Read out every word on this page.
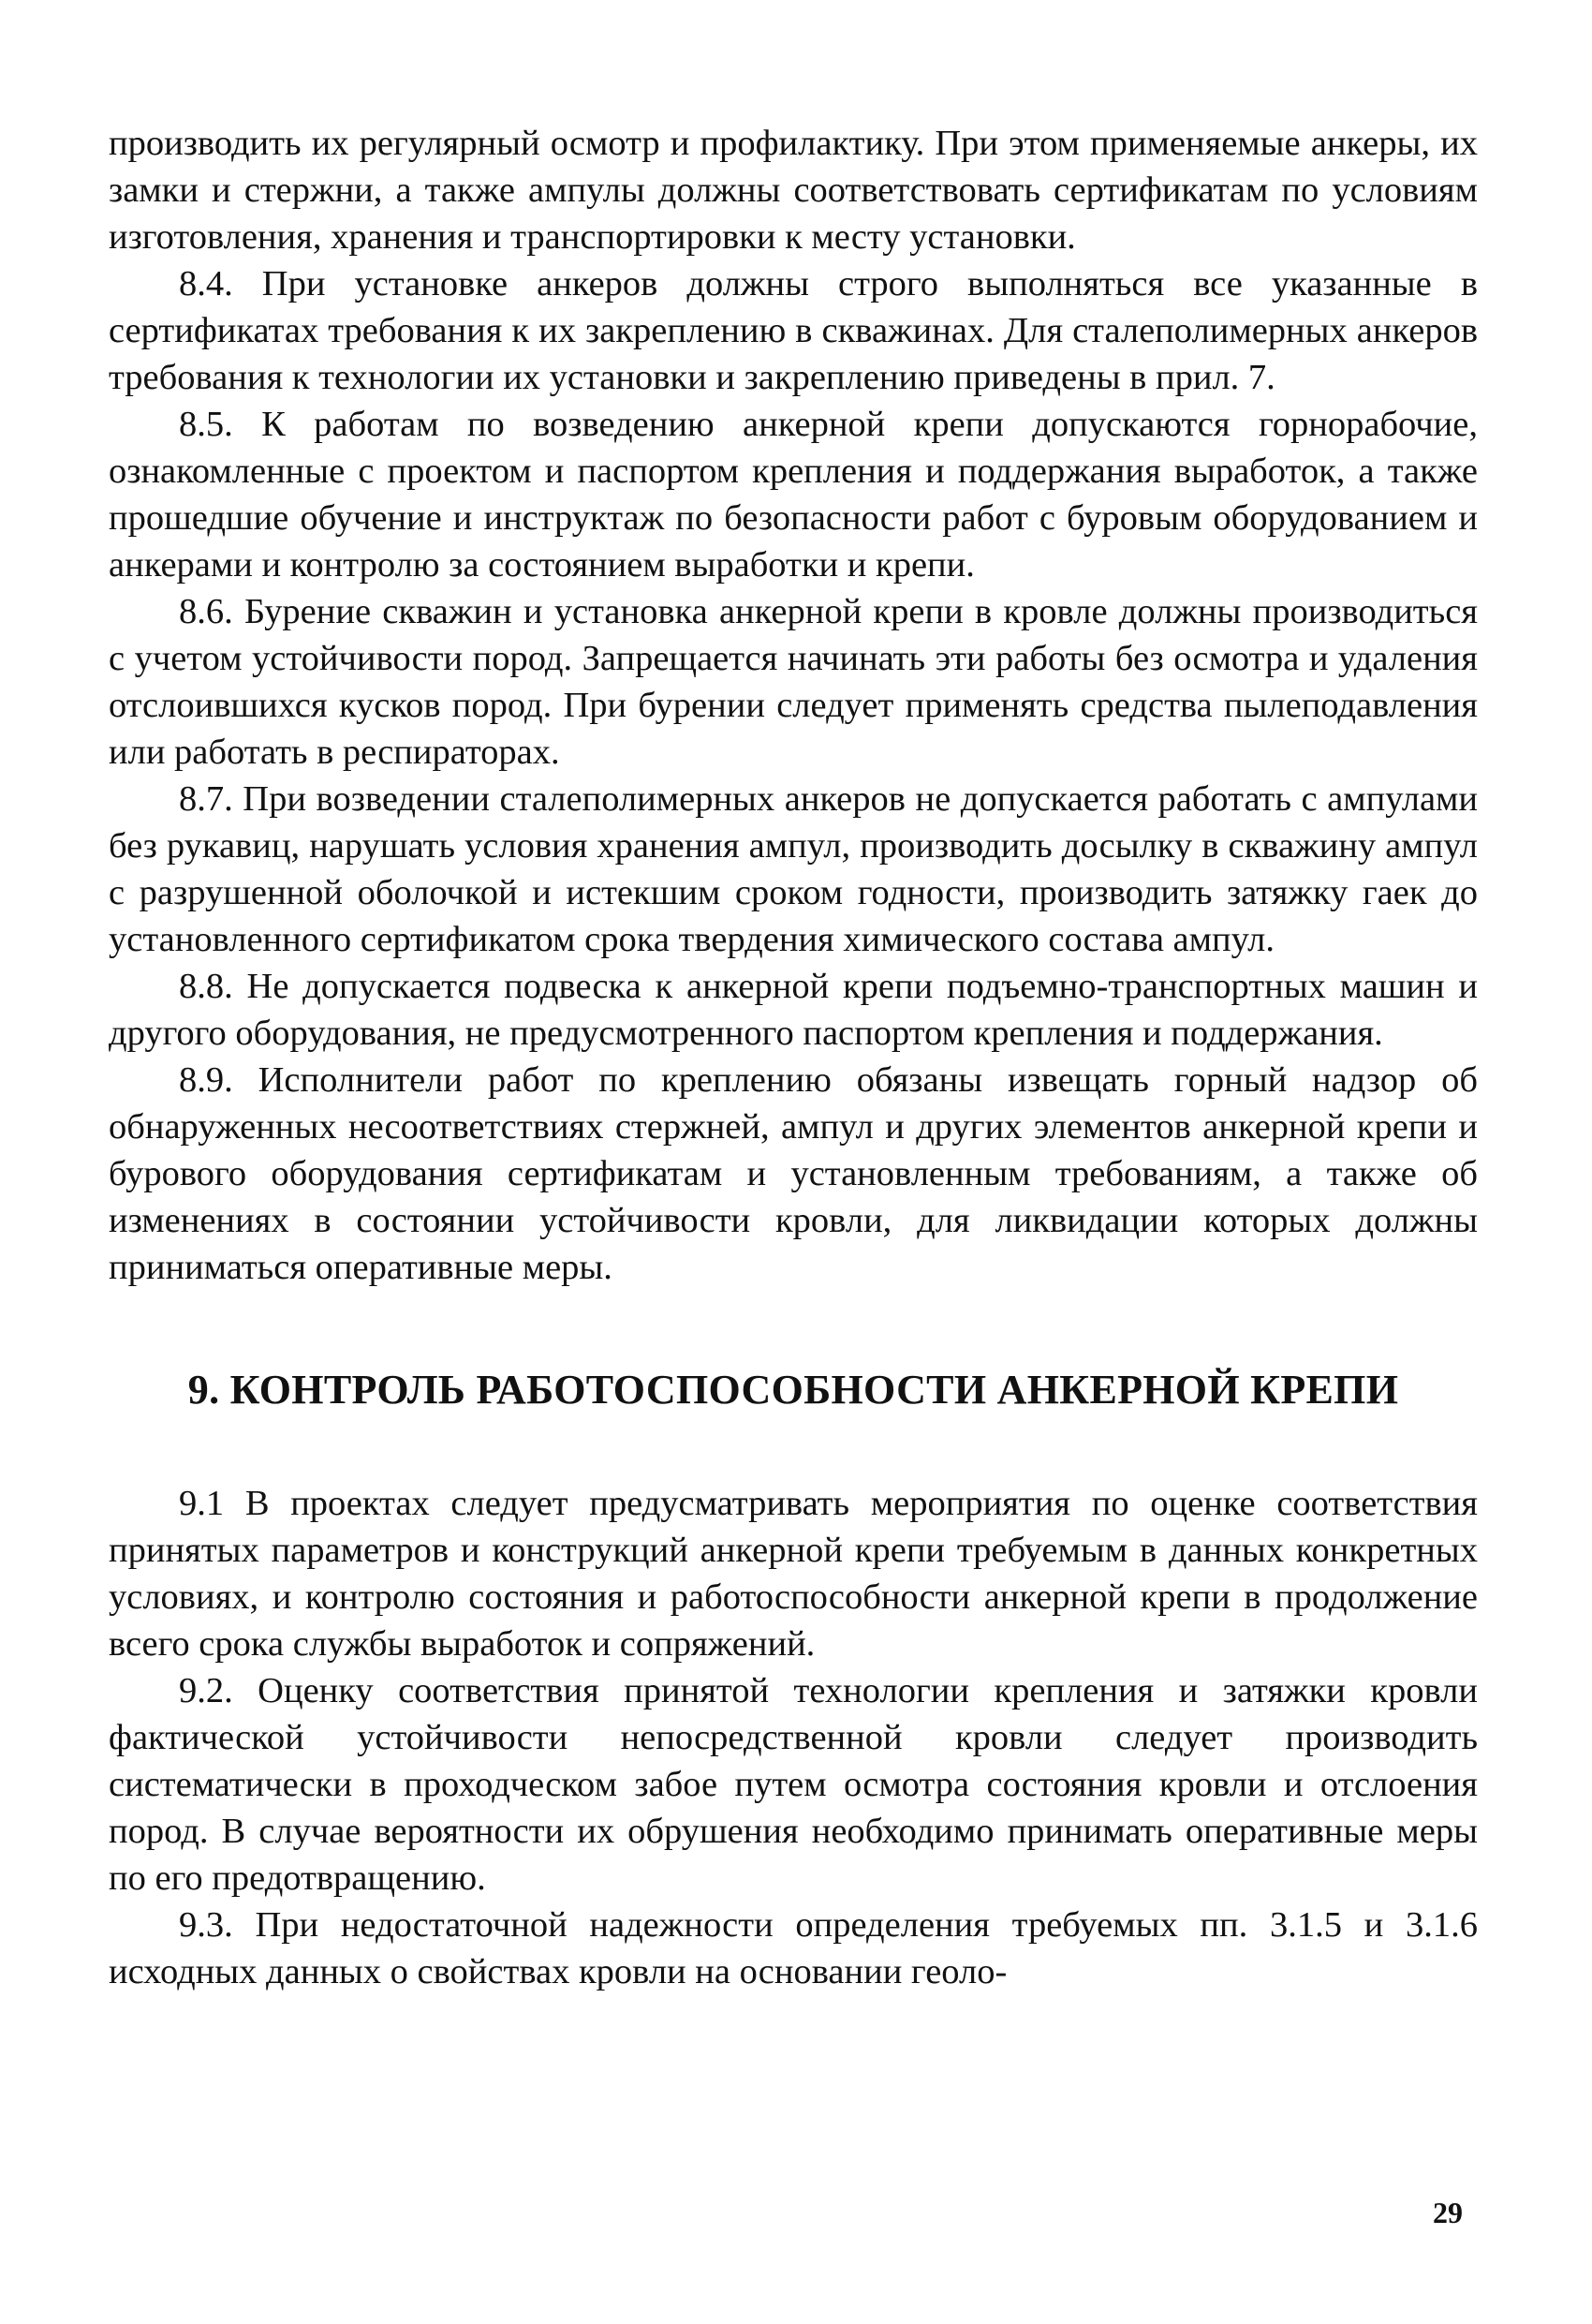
производить их регулярный осмотр и профилактику. При этом применяемые анкеры, их замки и стержни, а также ампулы должны соответствовать сертификатам по условиям изготовления, хранения и транспортировки к месту установки.

8.4. При установке анкеров должны строго выполняться все указанные в сертификатах требования к их закреплению в скважинах. Для сталеполимерных анкеров требования к технологии их установки и закреплению приведены в прил. 7.

8.5. К работам по возведению анкерной крепи допускаются горнорабочие, ознакомленные с проектом и паспортом крепления и поддержания выработок, а также прошедшие обучение и инструктаж по безопасности работ с буровым оборудованием и анкерами и контролю за состоянием выработки и крепи.

8.6. Бурение скважин и установка анкерной крепи в кровле должны производиться с учетом устойчивости пород. Запрещается начинать эти работы без осмотра и удаления отслоившихся кусков пород. При бурении следует применять средства пылеподавления или работать в респираторах.

8.7. При возведении сталеполимерных анкеров не допускается работать с ампулами без рукавиц, нарушать условия хранения ампул, производить досылку в скважину ампул с разрушенной оболочкой и истекшим сроком годности, производить затяжку гаек до установленного сертификатом срока твердения химического состава ампул.

8.8. Не допускается подвеска к анкерной крепи подъемно-транспортных машин и другого оборудования, не предусмотренного паспортом крепления и поддержания.

8.9. Исполнители работ по креплению обязаны извещать горный надзор об обнаруженных несоответствиях стержней, ампул и других элементов анкерной крепи и бурового оборудования сертификатам и установленным требованиям, а также об изменениях в состоянии устойчивости кровли, для ликвидации которых должны приниматься оперативные меры.

9. КОНТРОЛЬ РАБОТОСПОСОБНОСТИ АНКЕРНОЙ КРЕПИ

9.1 В проектах следует предусматривать мероприятия по оценке соответствия принятых параметров и конструкций анкерной крепи требуемым в данных конкретных условиях, и контролю состояния и работоспособности анкерной крепи в продолжение всего срока службы выработок и сопряжений.

9.2. Оценку соответствия принятой технологии крепления и затяжки кровли фактической устойчивости непосредственной кровли следует производить систематически в проходческом забое путем осмотра состояния кровли и отслоения пород. В случае вероятности их обрушения необходимо принимать оперативные меры по его предотвращению.

9.3. При недостаточной надежности определения требуемых пп. 3.1.5 и 3.1.6 исходных данных о свойствах кровли на основании геоло-

29
